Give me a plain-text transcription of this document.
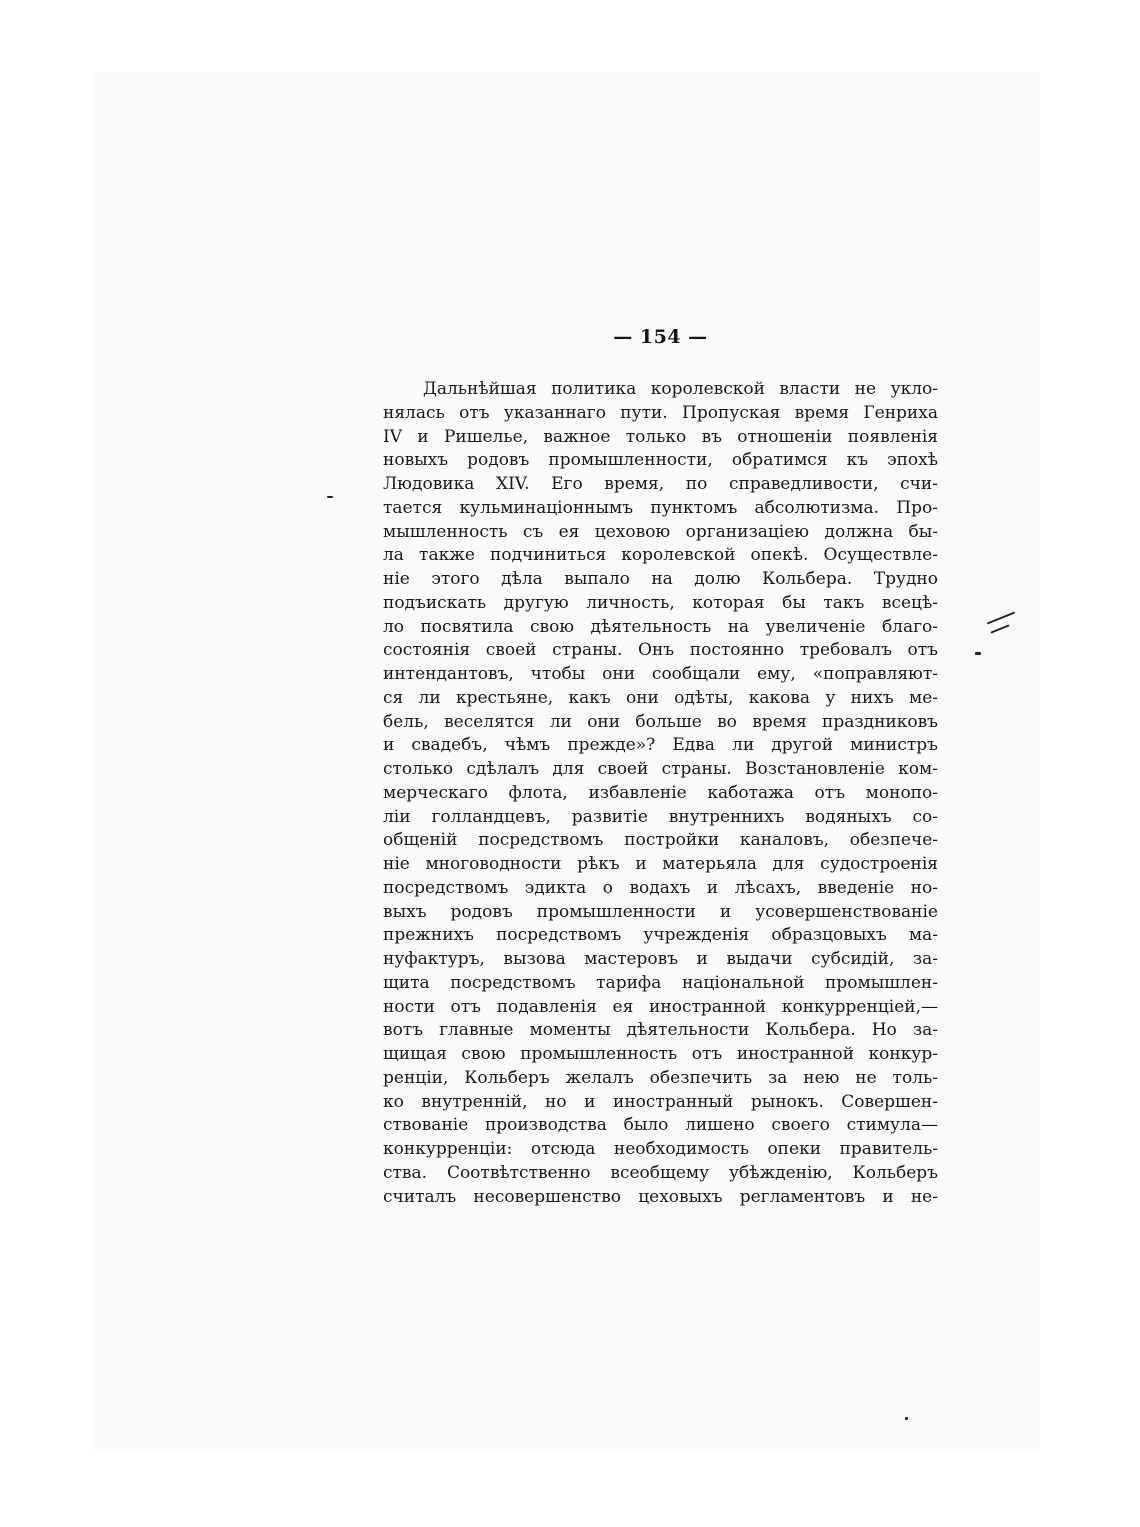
— 154 —
Дальнѣйшая политика королевской власти не укло-
нялась отъ указаннаго пути. Пропуская время Генриха
IV и Ришелье, важное только въ отношеніи появленія
новыхъ родовъ промышленности, обратимся къ эпохѣ
Людовика XIV. Его время, по справедливости, счи-
тается кульминаціоннымъ пунктомъ абсолютизма. Про-
мышленность съ ея цеховою организаціею должна бы-
ла также подчиниться королевской опекѣ. Осуществле-
ніе этого дѣла выпало на долю Кольбера. Трудно
подъискать другую личность, которая бы такъ всецѣ-
ло посвятила свою дѣятельность на увеличеніе благо-
состоянія своей страны. Онъ постоянно требовалъ отъ
интендантовъ, чтобы они сообщали ему, «поправляют-
ся ли крестьяне, какъ они одѣты, какова у нихъ ме-
бель, веселятся ли они больше во время праздниковъ
и свадебъ, чѣмъ прежде»? Едва ли другой министръ
столько сдѣлалъ для своей страны. Возстановленіе ком-
мерческаго флота, избавленіе каботажа отъ монопо-
ліи голландцевъ, развитіе внутреннихъ водяныхъ со-
общеній посредствомъ постройки каналовъ, обезпече-
ніе многоводности рѣкъ и матерьяла для судостроенія
посредствомъ эдикта о водахъ и лѣсахъ, введеніе но-
выхъ родовъ промышленности и усовершенствованіе
прежнихъ посредствомъ учрежденія образцовыхъ ма-
нуфактуръ, вызова мастеровъ и выдачи субсидій, за-
щита посредствомъ тарифа національной промышлен-
ности отъ подавленія ея иностранной конкурренціей,—
вотъ главные моменты дѣятельности Кольбера. Но за-
щищая свою промышленность отъ иностранной конкур-
ренціи, Кольберъ желалъ обезпечить за нею не толь-
ко внутренній, но и иностранный рынокъ. Совершен-
ствованіе производства было лишено своего стимула—
конкурренціи: отсюда необходимость опеки правитель-
ства. Соотвѣтственно всеобщему убѣжденію, Кольберъ
считалъ несовершенство цеховыхъ регламентовъ и не-
